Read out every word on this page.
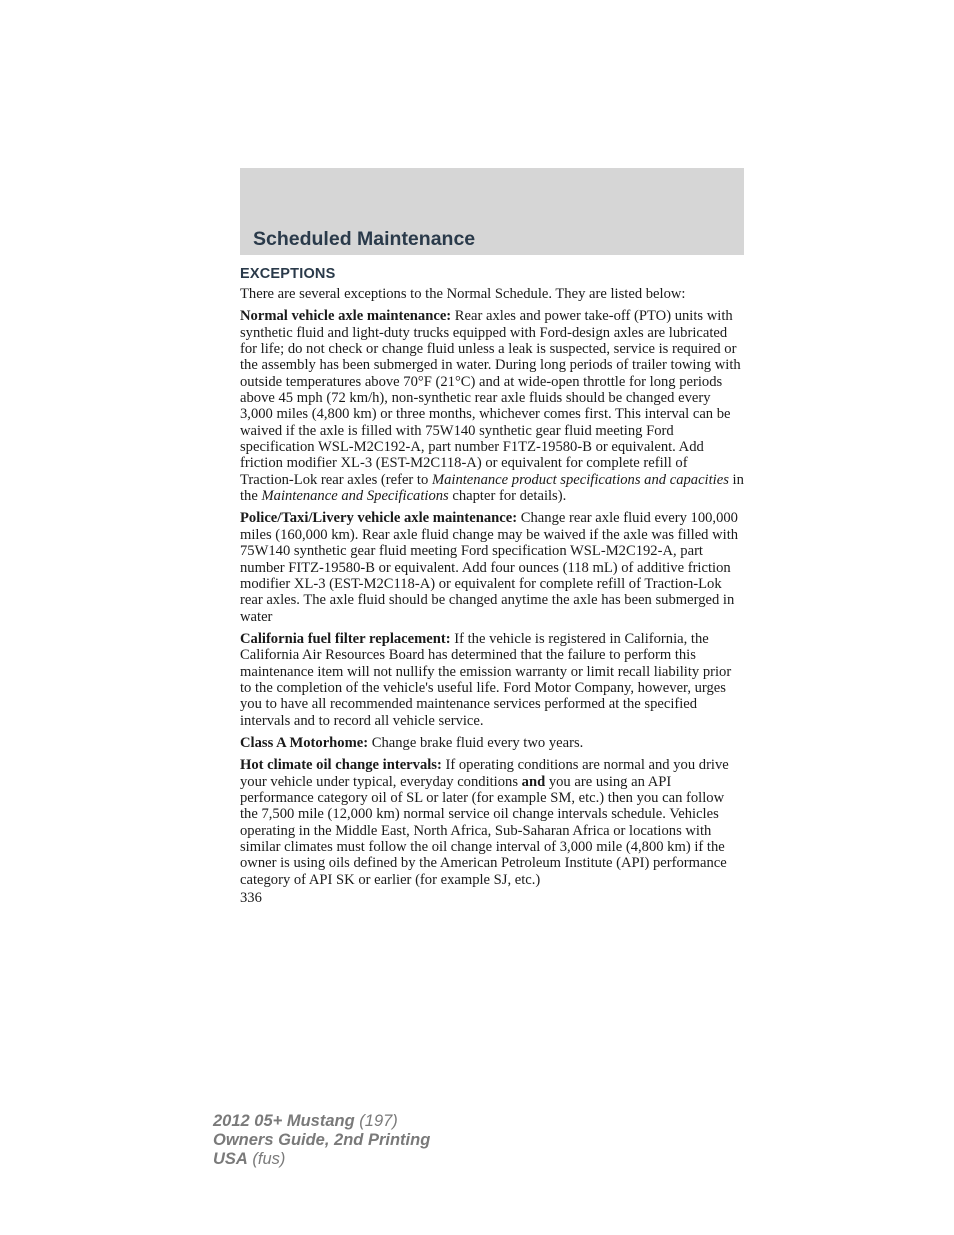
Scheduled Maintenance
EXCEPTIONS

There are several exceptions to the Normal Schedule. They are listed below:

Normal vehicle axle maintenance: Rear axles and power take-off (PTO) units with synthetic fluid and light-duty trucks equipped with Ford-design axles are lubricated for life; do not check or change fluid unless a leak is suspected, service is required or the assembly has been submerged in water. During long periods of trailer towing with outside temperatures above 70°F (21°C) and at wide-open throttle for long periods above 45 mph (72 km/h), non-synthetic rear axle fluids should be changed every 3,000 miles (4,800 km) or three months, whichever comes first. This interval can be waived if the axle is filled with 75W140 synthetic gear fluid meeting Ford specification WSL-M2C192-A, part number F1TZ-19580-B or equivalent. Add friction modifier XL-3 (EST-M2C118-A) or equivalent for complete refill of Traction-Lok rear axles (refer to Maintenance product specifications and capacities in the Maintenance and Specifications chapter for details).

Police/Taxi/Livery vehicle axle maintenance: Change rear axle fluid every 100,000 miles (160,000 km). Rear axle fluid change may be waived if the axle was filled with 75W140 synthetic gear fluid meeting Ford specification WSL-M2C192-A, part number FITZ-19580-B or equivalent. Add four ounces (118 mL) of additive friction modifier XL-3 (EST-M2C118-A) or equivalent for complete refill of Traction-Lok rear axles. The axle fluid should be changed anytime the axle has been submerged in water

California fuel filter replacement: If the vehicle is registered in California, the California Air Resources Board has determined that the failure to perform this maintenance item will not nullify the emission warranty or limit recall liability prior to the completion of the vehicle's useful life. Ford Motor Company, however, urges you to have all recommended maintenance services performed at the specified intervals and to record all vehicle service.

Class A Motorhome: Change brake fluid every two years.

Hot climate oil change intervals: If operating conditions are normal and you drive your vehicle under typical, everyday conditions and you are using an API performance category oil of SL or later (for example SM, etc.) then you can follow the 7,500 mile (12,000 km) normal service oil change intervals schedule. Vehicles operating in the Middle East, North Africa, Sub-Saharan Africa or locations with similar climates must follow the oil change interval of 3,000 mile (4,800 km) if the owner is using oils defined by the American Petroleum Institute (API) performance category of API SK or earlier (for example SJ, etc.)

336

2012 05+ Mustang (197)
Owners Guide, 2nd Printing
USA (fus)
